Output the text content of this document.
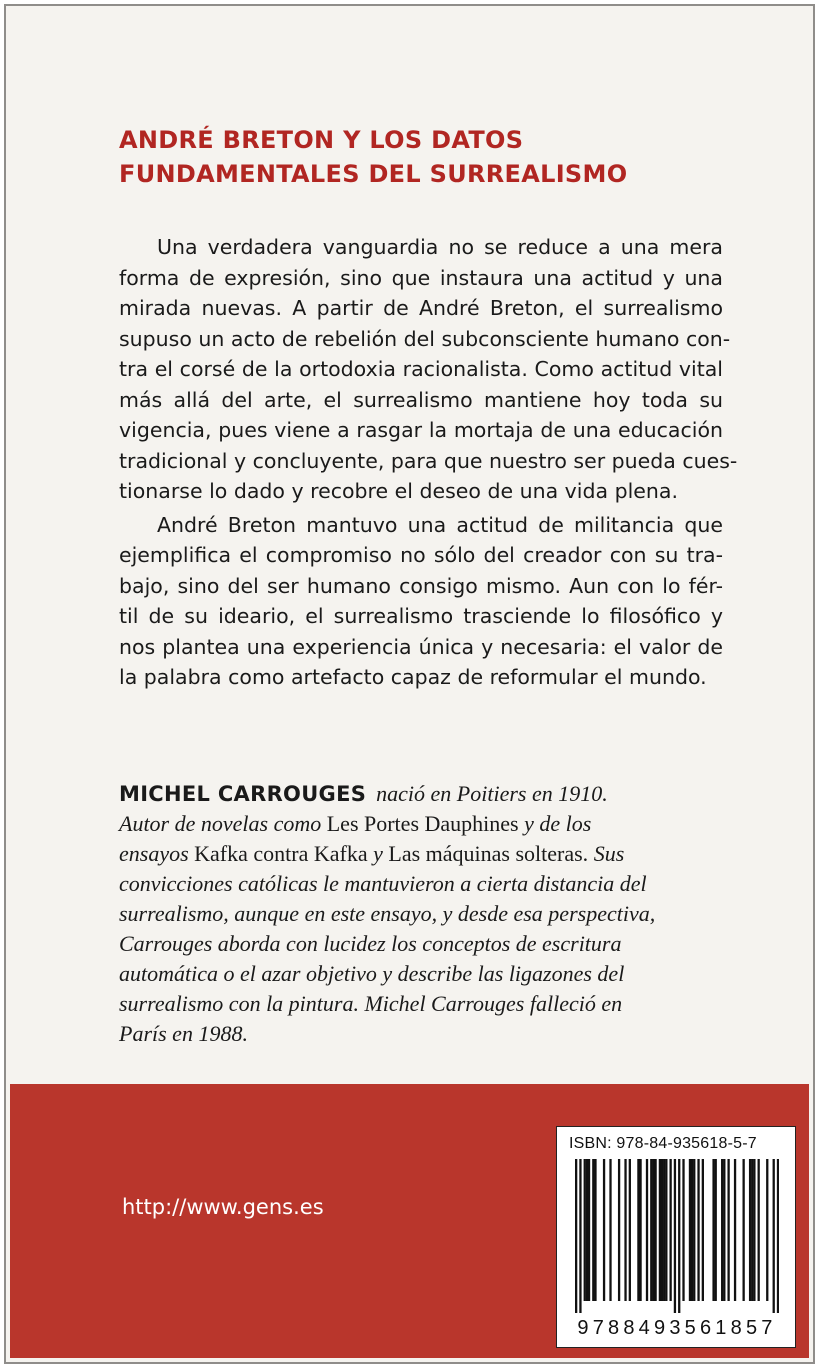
ANDRÉ BRETON Y LOS DATOS
FUNDAMENTALES DEL SURREALISMO
Una verdadera vanguardia no se reduce a una mera
forma de expresión, sino que instaura una actitud y una
mirada nuevas. A partir de André Breton, el surrealismo
supuso un acto de rebelión del subconsciente humano con-
tra el corsé de la ortodoxia racionalista. Como actitud vital
más allá del arte, el surrealismo mantiene hoy toda su
vigencia, pues viene a rasgar la mortaja de una educación
tradicional y concluyente, para que nuestro ser pueda cues-
tionarse lo dado y recobre el deseo de una vida plena.
André Breton mantuvo una actitud de militancia que
ejemplifica el compromiso no sólo del creador con su tra-
bajo, sino del ser humano consigo mismo. Aun con lo fér-
til de su ideario, el surrealismo trasciende lo filosófico y
nos plantea una experiencia única y necesaria: el valor de
la palabra como artefacto capaz de reformular el mundo.
MICHEL CARROUGES nació en Poitiers en 1910.
Autor de novelas como Les Portes Dauphines y de los
ensayos Kafka contra Kafka y Las máquinas solteras. Sus
convicciones católicas le mantuvieron a cierta distancia del
surrealismo, aunque en este ensayo, y desde esa perspectiva,
Carrouges aborda con lucidez los conceptos de escritura
automática o el azar objetivo y describe las ligazones del
surrealismo con la pintura. Michel Carrouges falleció en
París en 1988.

http://www.gens.es

ISBN: 978-84-935618-5-7

9788493561857
